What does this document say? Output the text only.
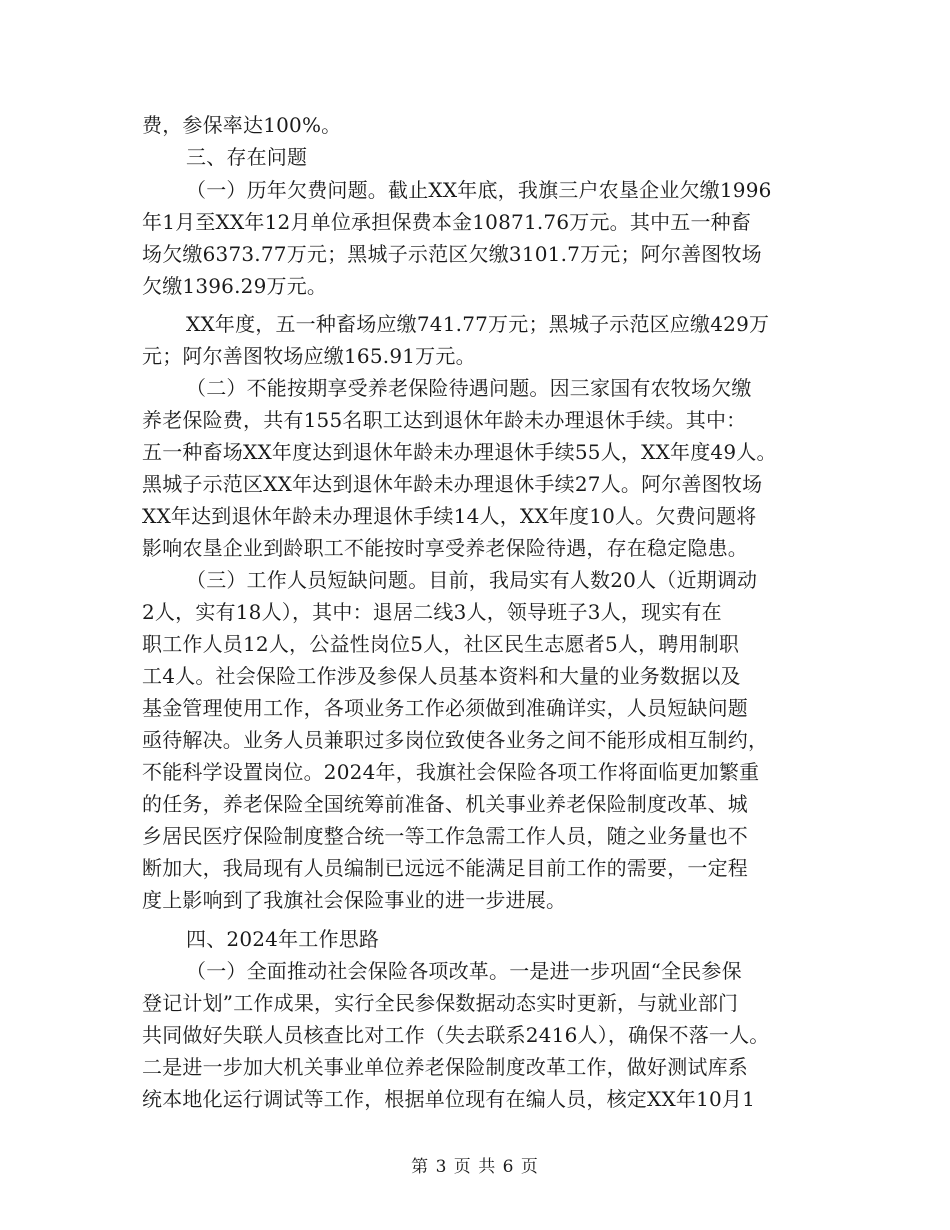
费，参保率达100%。
三、存在问题
（一）历年欠费问题。截止XX年底，我旗三户农垦企业欠缴1996
年1月至XX年12月单位承担保费本金10871.76万元。其中五一种畜
场欠缴6373.77万元；黑城子示范区欠缴3101.7万元；阿尔善图牧场
欠缴1396.29万元。
XX年度，五一种畜场应缴741.77万元；黑城子示范区应缴429万
元；阿尔善图牧场应缴165.91万元。
（二）不能按期享受养老保险待遇问题。因三家国有农牧场欠缴
养老保险费，共有155名职工达到退休年龄未办理退休手续。其中：
五一种畜场XX年度达到退休年龄未办理退休手续55人，XX年度49人。
黑城子示范区XX年达到退休年龄未办理退休手续27人。阿尔善图牧场
XX年达到退休年龄未办理退休手续14人，XX年度10人。欠费问题将
影响农垦企业到龄职工不能按时享受养老保险待遇，存在稳定隐患。
（三）工作人员短缺问题。目前，我局实有人数20人（近期调动
2人，实有18人），其中：退居二线3人，领导班子3人，现实有在
职工作人员12人，公益性岗位5人，社区民生志愿者5人，聘用制职
工4人。社会保险工作涉及参保人员基本资料和大量的业务数据以及
基金管理使用工作，各项业务工作必须做到准确详实，人员短缺问题
亟待解决。业务人员兼职过多岗位致使各业务之间不能形成相互制约，
不能科学设置岗位。2024年，我旗社会保险各项工作将面临更加繁重
的任务，养老保险全国统筹前准备、机关事业养老保险制度改革、城
乡居民医疗保险制度整合统一等工作急需工作人员，随之业务量也不
断加大，我局现有人员编制已远远不能满足目前工作的需要，一定程
度上影响到了我旗社会保险事业的进一步进展。
四、2024年工作思路
（一）全面推动社会保险各项改革。一是进一步巩固“全民参保
登记计划”工作成果，实行全民参保数据动态实时更新，与就业部门
共同做好失联人员核查比对工作（失去联系2416人），确保不落一人。
二是进一步加大机关事业单位养老保险制度改革工作，做好测试库系
统本地化运行调试等工作，根据单位现有在编人员，核定XX年10月1
第 3 页 共 6 页
